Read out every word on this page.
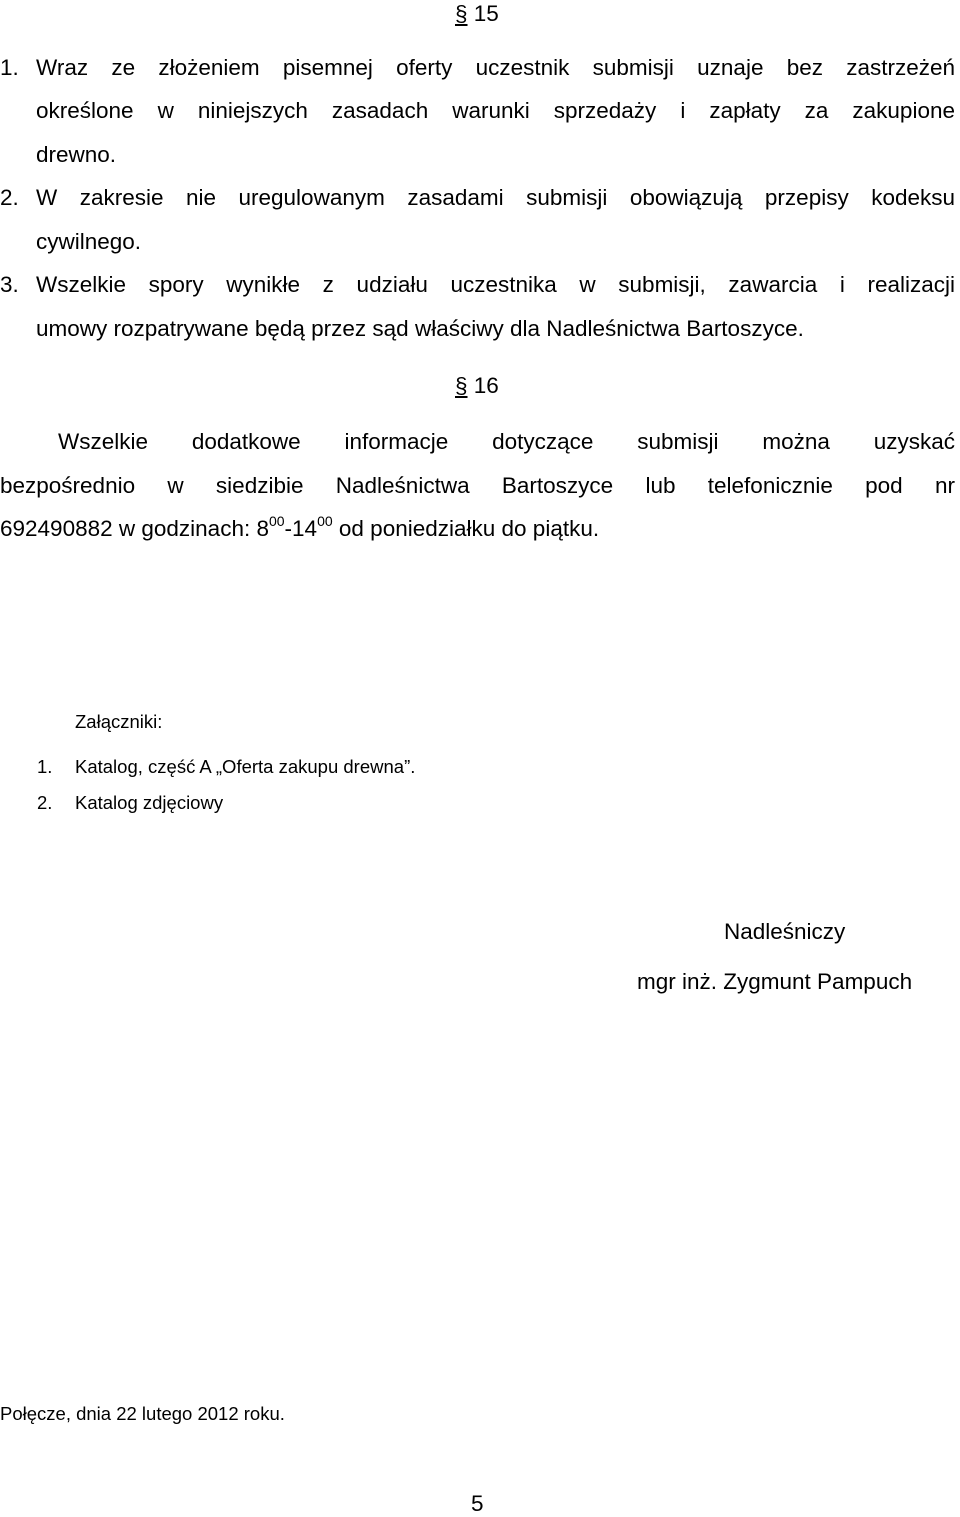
§ 15
1. Wraz ze złożeniem pisemnej oferty uczestnik submisji uznaje bez zastrzeżeń
określone w niniejszych zasadach warunki sprzedaży i zapłaty za zakupione
drewno.
2. W zakresie nie uregulowanym zasadami submisji obowiązują przepisy kodeksu
cywilnego.
3. Wszelkie spory wynikłe z udziału uczestnika w submisji, zawarcia i realizacji
umowy rozpatrywane będą przez sąd właściwy dla Nadleśnictwa Bartoszyce.
§ 16
Wszelkie dodatkowe informacje dotyczące submisji można uzyskać
bezpośrednio w siedzibie Nadleśnictwa Bartoszyce lub telefonicznie pod nr
692490882 w godzinach: $8^{00}-14^{00}$ od poniedziałku do piątku.
Załączniki:
1. Katalog, część A „Oferta zakupu drewna”.
2. Katalog zdjęciowy
Nadleśniczy
mgr inż. Zygmunt Pampuch
Połęcze, dnia 22 lutego 2012 roku.
5
